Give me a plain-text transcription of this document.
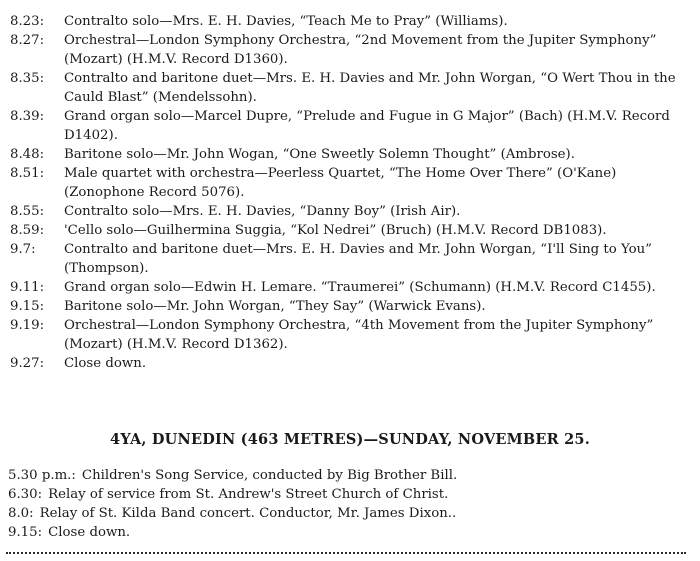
8.23:	Contralto solo—Mrs. E. H. Davies, “Teach Me to Pray” (Williams).
8.27:	Orchestral—London Symphony Orchestra, “2nd Movement from the Jupiter Symphony” (Mozart) (H.M.V. Record D1360).
8.35:	Contralto and baritone duet—Mrs. E. H. Davies and Mr. John Worgan, “O Wert Thou in the Cauld Blast” (Mendelssohn).
8.39:	Grand organ solo—Marcel Dupre, “Prelude and Fugue in G Major” (Bach) (H.M.V. Record D1402).
8.48:	Baritone solo—Mr. John Wogan, “One Sweetly Solemn Thought” (Ambrose).
8.51:	Male quartet with orchestra—Peerless Quartet, “The Home Over There” (O'Kane) (Zonophone Record 5076).
8.55:	Contralto solo—Mrs. E. H. Davies, “Danny Boy” (Irish Air).
8.59:	'Cello solo—Guilhermina Suggia, “Kol Nedrei” (Bruch) (H.M.V. Record DB1083).
9.7:	Contralto and baritone duet—Mrs. E. H. Davies and Mr. John Worgan, “I'll Sing to You” (Thompson).
9.11:	Grand organ solo—Edwin H. Lemare. “Traumerei” (Schumann) (H.M.V. Record C1455).
9.15:	Baritone solo—Mr. John Worgan, “They Say” (Warwick Evans).
9.19:	Orchestral—London Symphony Orchestra, “4th Movement from the Jupiter Symphony” (Mozart) (H.M.V. Record D1362).
9.27:	Close down.
4YA, DUNEDIN (463 METRES)—SUNDAY, NOVEMBER 25.
5.30 p.m.: Children's Song Service, conducted by Big Brother Bill.
6.30: Relay of service from St. Andrew's Street Church of Christ.
8.0: Relay of St. Kilda Band concert. Conductor, Mr. James Dixon..
9.15: Close down.
